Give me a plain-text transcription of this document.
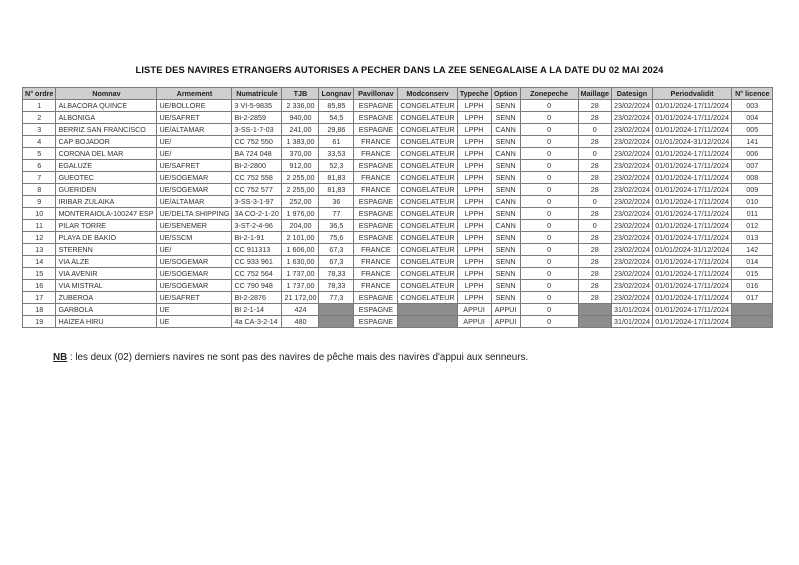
LISTE DES NAVIRES ETRANGERS AUTORISES A PECHER DANS LA ZEE SENEGALAISE A LA DATE DU 02 MAI 2024
N° ordre	Nomnav	Armement	Numatricule	TJB	Longnav	Pavillonav	Modconserv	Typeche	Option	Zonepeche	Maillage	Datesign	Periodvalidit	N° licence
1	ALBACORA QUINCE	UE/BOLLORE	3 VI-5-9835	2 336,00	85,85	ESPAGNE	CONGELATEUR	LPPH	SENN	0	28	23/02/2024	01/01/2024-17/11/2024	003
2	ALBONIGA	UE/SAFRET	BI-2-2859	940,00	54,5	ESPAGNE	CONGELATEUR	LPPH	SENN	0	28	23/02/2024	01/01/2024-17/11/2024	004
3	BERRIZ SAN FRANCISCO	UE/ALTAMAR	3-SS-1-7-03	241,00	29,86	ESPAGNE	CONGELATEUR	LPPH	CANN	0	0	23/02/2024	01/01/2024-17/11/2024	005
4	CAP BOJADOR	UE/	CC 752 550	1 383,00	61	FRANCE	CONGELATEUR	LPPH	SENN	0	28	23/02/2024	01/01/2024-31/12/2024	141
5	CORONA DEL MAR	UE/	BA 724 048	370,00	33,53	FRANCE	CONGELATEUR	LPPH	CANN	0	0	23/02/2024	01/01/2024-17/11/2024	006
6	EGALUZE	UE/SAFRET	BI-2-2800	912,00	52,3	ESPAGNE	CONGELATEUR	LPPH	SENN	0	28	23/02/2024	01/01/2024-17/11/2024	007
7	GUEOTEC	UE/SOGEMAR	CC 752 558	2 255,00	81,83	FRANCE	CONGELATEUR	LPPH	SENN	0	28	23/02/2024	01/01/2024-17/11/2024	008
8	GUERIDEN	UE/SOGEMAR	CC 752 577	2 255,00	81,83	FRANCE	CONGELATEUR	LPPH	SENN	0	28	23/02/2024	01/01/2024-17/11/2024	009
9	IRIBAR ZULAIKA	UE/ALTAMAR	3-SS-3-1-97	252,00	36	ESPAGNE	CONGELATEUR	LPPH	CANN	0	0	23/02/2024	01/01/2024-17/11/2024	010
10	MONTERAIOLA-100247 ESP	UE/DELTA SHIPPING	3A CO-2-1-20	1 976,00	77	ESPAGNE	CONGELATEUR	LPPH	SENN	0	28	23/02/2024	01/01/2024-17/11/2024	011
11	PILAR TORRE	UE/SENEMER	3-ST-2-4-96	204,00	36,5	ESPAGNE	CONGELATEUR	LPPH	CANN	0	0	23/02/2024	01/01/2024-17/11/2024	012
12	PLAYA DE BAKIO	UE/SSCM	BI-2-1-91	2 101,00	75,6	ESPAGNE	CONGELATEUR	LPPH	SENN	0	28	23/02/2024	01/01/2024-17/11/2024	013
13	STERENN	UE/	CC 911313	1 606,00	67,3	FRANCE	CONGELATEUR	LPPH	SENN	0	28	23/02/2024	01/01/2024-31/12/2024	142
14	VIA ALZE	UE/SOGEMAR	CC 933 961	1 630,00	67,3	FRANCE	CONGELATEUR	LPPH	SENN	0	28	23/02/2024	01/01/2024-17/11/2024	014
15	VIA AVENIR	UE/SOGEMAR	CC 752 564	1 737,00	78,33	FRANCE	CONGELATEUR	LPPH	SENN	0	28	23/02/2024	01/01/2024-17/11/2024	015
16	VIA MISTRAL	UE/SOGEMAR	CC 790 948	1 737,00	78,33	FRANCE	CONGELATEUR	LPPH	SENN	0	28	23/02/2024	01/01/2024-17/11/2024	016
17	ZUBEROA	UE/SAFRET	BI-2-2876	21 172,00	77,3	ESPAGNE	CONGELATEUR	LPPH	SENN	0	28	23/02/2024	01/01/2024-17/11/2024	017
18	GARBOLA	UE	BI 2-1-14	424		ESPAGNE		APPUI	APPUI	0		31/01/2024	01/01/2024-17/11/2024	
19	HAIZEA HIRU	UE	4a CA-3-2-14	480		ESPAGNE		APPUI	APPUI	0		31/01/2024	01/01/2024-17/11/2024	
NB : les deux (02) derniers navires ne sont pas des navires de pêche mais des navires d'appui aux senneurs.
